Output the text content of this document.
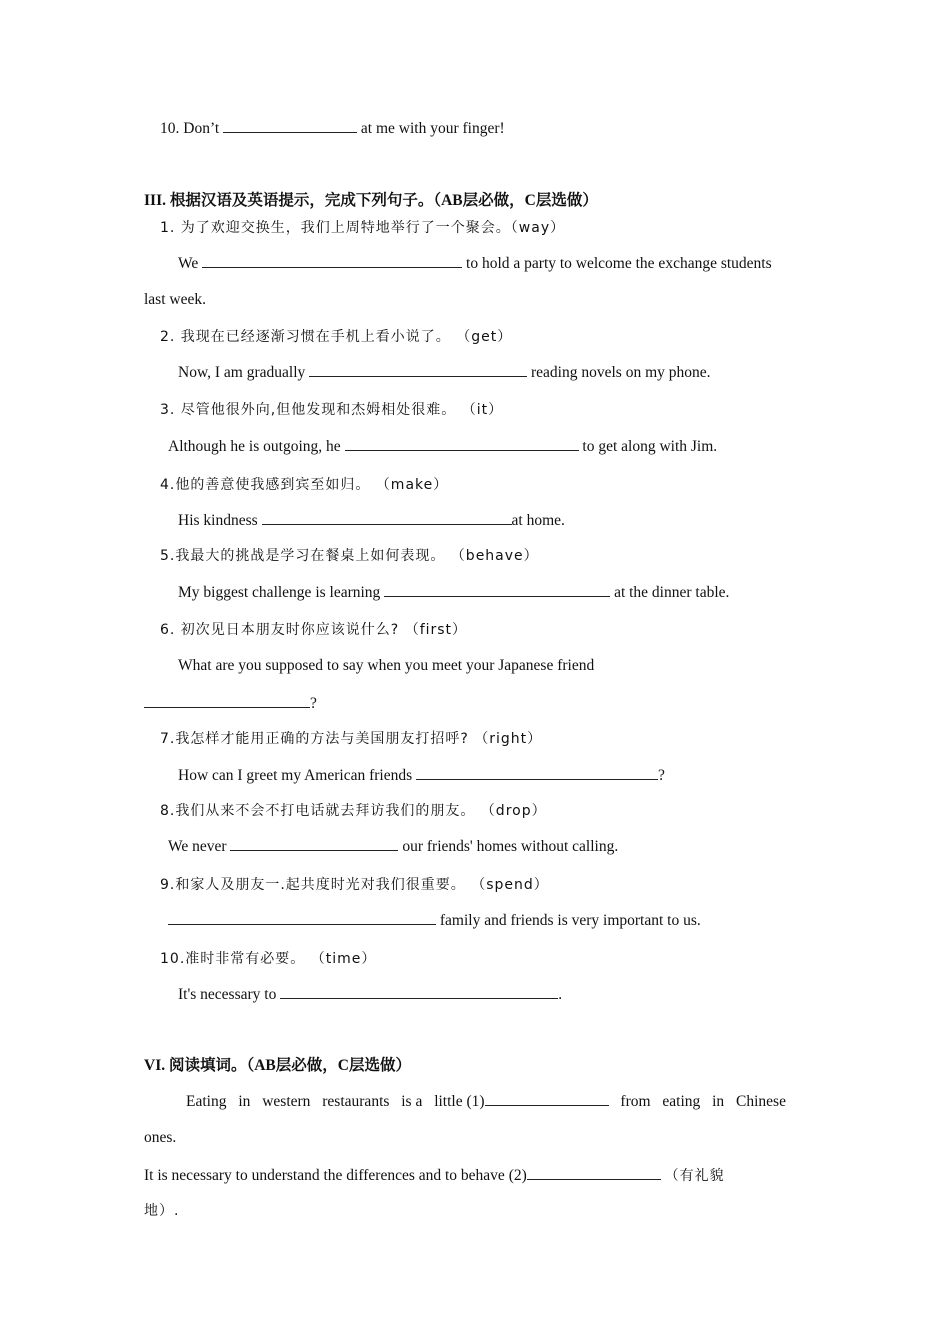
10. Don’t	at me with your finger!
III. 根据汉语及英语提示，完成下列句子。（AB层必做，C层选做）
1. 为了欢迎交换生，我们上周特地举行了一个聚会。（way）
We	to hold a party to welcome the exchange students
last week.
2. 我现在已经逐渐习惯在手机上看小说了。 （get）
Now, I am gradually	reading novels on my phone.
3. 尽管他很外向,但他发现和杰姆相处很难。 （it）
Although he is outgoing, he	to get along with Jim.
4.他的善意使我感到宾至如归。 （make）
His kindness	at home.
5.我最大的挑战是学习在餐桌上如何表现。 （behave）
My biggest challenge is learning	at the dinner table.
6. 初次见日本朋友时你应该说什么? （first）
What are you supposed to say when you meet your Japanese friend
?
7.我怎样才能用正确的方法与美国朋友打招呼? （right）
How can I greet my American friends	?
8.我们从来不会不打电话就去拜访我们的朋友。 （drop）
We never	our friends' homes without calling.
9.和家人及朋友一.起共度时光对我们很重要。 （spend）
family and friends is very important to us.
10.准时非常有必要。 （time）
It's necessary to	.
VI. 阅读填词。（AB层必做，C层选做）
Eating in western restaurants is a little (1)	from eating in Chinese
ones.
It is necessary to understand the differences and to behave (2)	（有礼貌
地）.
